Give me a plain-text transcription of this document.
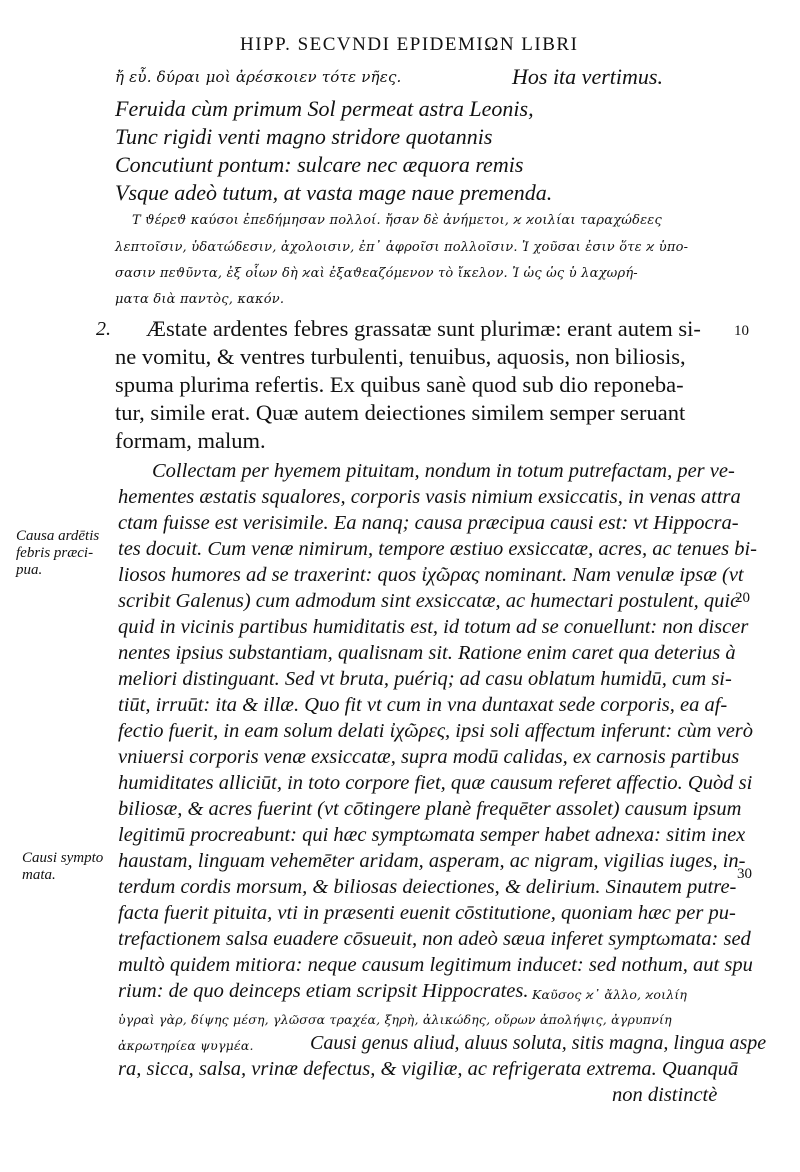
HIPP. SECVNDI EPIDEMIΩN LIBRI
ἤ εὖ. δύραι μοὶ ἀρέσκοιεν τότε νῆες.	Hos ita vertimus.
Feruida cùm primum Sol permeat astra Leonis,
Tunc rigidi venti magno stridore quotannis
Concutiunt pontum: sulcare nec æquora remis
Vsque adeò tutum, at vasta mage naue premenda.
Τ ϑέρεϑ καύσοι ἐπεδήμησαν πολλοί. ἤσαν δὲ ἀνήμετοι, ϰ ϰοιλίαι ταραχώδεες
λεπτοῖσιν, ὑδατώδεσιν, ἀχολοισιν, ἐπ᾽ ἀφροῖσι πολλοῖσιν. Ἰ χοῦσαι ἐσιν ὅτε ϰ ὑπο-
σασιν πεϑῦντα, ἐξ οἷων δὴ ϰαὶ ἐξαϑεαζόμενον τὸ ἴκελον. Ἰ ὡς ὡς ὑ λαχωρή-
ματα διὰ παντὸς, κακόν.
2. Æstate ardentes febres grassatæ sunt plurimæ: erant autem si-
ne vomitu, & ventres turbulenti, tenuibus, aquosis, non biliosis,
spuma plurima refertis. Ex quibus sanè quod sub dio reponeba-
tur, simile erat. Quæ autem deiectiones similem semper seruant
formam, malum.
Collectam per hyemem pituitam, nondum in totum putrefactam, per ve-
hementes æstatis squalores, corporis vasis nimium exsiccatis, in venas attra
ctam fuisse est verisimile. Ea nanq; causa præcipua causi est: vt Hippocra-
tes docuit. Cum venæ nimirum, tempore æstiuo exsiccatæ, acres, ac tenues bi-
liosos humores ad se traxerint: quos ἰχῶρας nominant. Nam venulæ ipsæ (vt
scribit Galenus) cum admodum sint exsiccatæ, ac humectari postulent, quic
quid in vicinis partibus humiditatis est, id totum ad se conuellunt: non discer
nentes ipsius substantiam, qualisnam sit. Ratione enim caret qua deterius à
meliori distinguant. Sed vt bruta, puériq; ad casu oblatum humidū, cum si-
tiūt, irruūt: ita & illæ. Quo fit vt cum in vna duntaxat sede corporis, ea af-
fectio fuerit, in eam solum delati ἰχῶρες, ipsi soli affectum inferunt: cùm verò
vniuersi corporis venæ exsiccatæ, supra modū calidas, ex carnosis partibus
humiditates alliciūt, in toto corpore fiet, quæ causum referet affectio. Quòd si
biliosæ, & acres fuerint (vt cōtingere planè frequēter assolet) causum ipsum
legitimū procreabunt: qui hæc symptωmata semper habet adnexa: sitim inex
haustam, linguam vehemēter aridam, asperam, ac nigram, vigilias iuges, in-
terdum cordis morsum, & biliosas deiectiones, & delirium. Sinautem putre-
facta fuerit pituita, vti in præsenti euenit cōstitutione, quoniam hæc per pu-
trefactionem salsa euadere cōsueuit, non adeò sæua inferet symptωmata: sed
multò quidem mitiora: neque causum legitimum inducet: sed nothum, aut spu
rium: de quo deinceps etiam scripsit Hippocrates. Καῦσος ϰ᾽ ἄλλο, ϰοιλίη
ὑγραὶ γὰρ, δίψης μέση, γλῶσσα τραχέα, ξηρὴ, ἀλικώδης, οὔρων ἀπολήψις, ἀγρυπνίη
ἀκρωτηρίεα ψυγμέα.	Causi genus aliud, aluus soluta, sitis magna, lingua aspe
ra, sicca, salsa, vrinæ defectus, & vigiliæ, ac refrigerata extrema. Quanquā
non distinctè
Causa ardētis
febris præci-
pua.
Causi sympto
mata.
10
20
30
